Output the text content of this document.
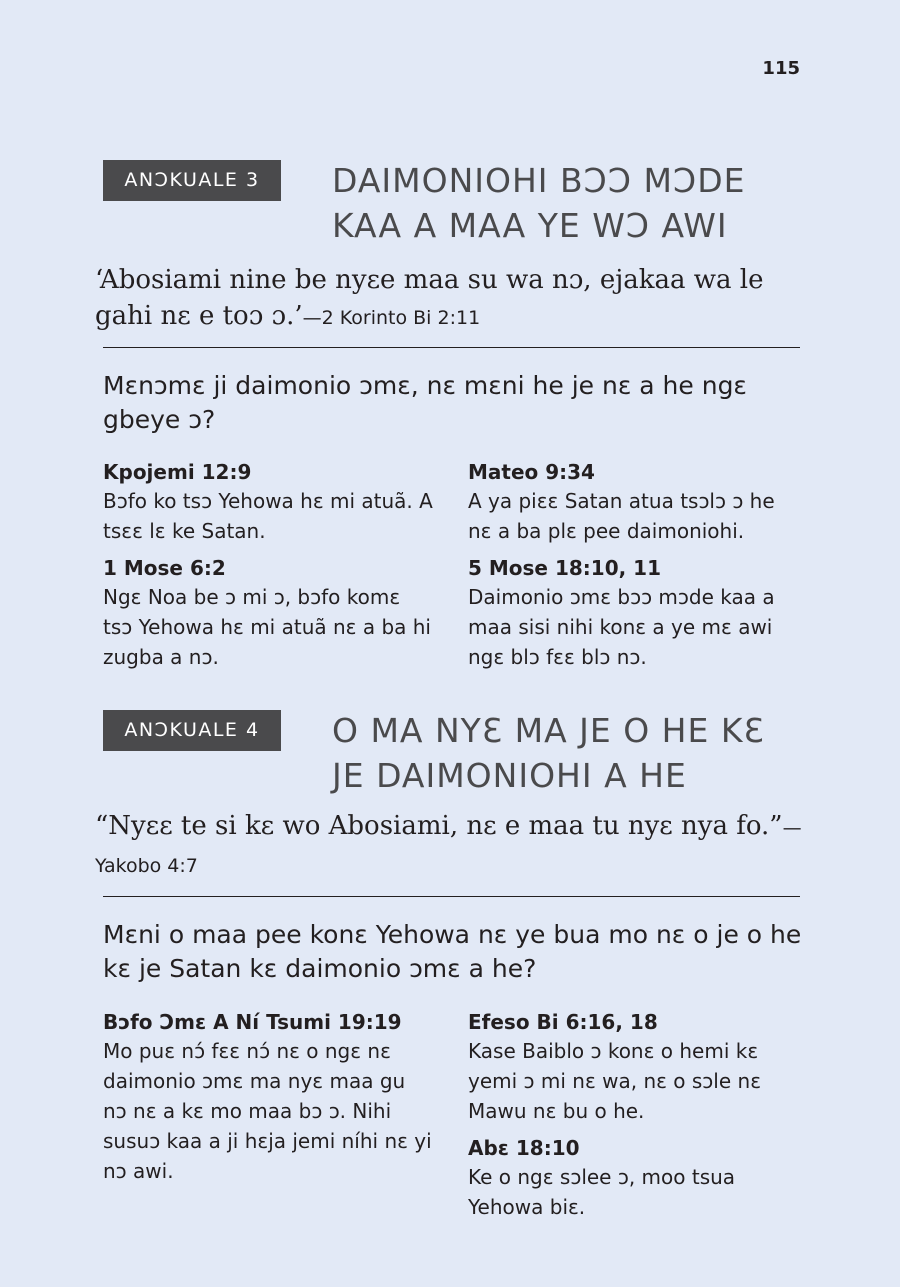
115
ANƆKUALE 3	DAIMONIOHI BƆƆ MƆDE
KAA A MAA YE WƆ AWI

‘Abosiami nine be nyɛe maa su wa nɔ, ejakaa wa le gahi nɛ e toɔ ɔ.’—2 Korinto Bi 2:11

Mɛnɔmɛ ji daimonio ɔmɛ, nɛ mɛni he je nɛ a he ngɛ gbeye ɔ?

Kpojemi 12:9
Bɔfo ko tsɔ Yehowa hɛ mi atuã. A tsɛɛ lɛ ke Satan.
1 Mose 6:2
Ngɛ Noa be ɔ mi ɔ, bɔfo komɛ tsɔ Yehowa hɛ mi atuã nɛ a ba hi zugba a nɔ.
Mateo 9:34
A ya piɛɛ Satan atua tsɔlɔ ɔ he nɛ a ba plɛ pee daimoniohi.
5 Mose 18:10, 11
Daimonio ɔmɛ bɔɔ mɔde kaa a maa sisi nihi konɛ a ye mɛ awi ngɛ blɔ fɛɛ blɔ nɔ.
ANƆKUALE 4	O MA NYƐ MA JE O HE KƐ
JE DAIMONIOHI A HE

“Nyɛɛ te si kɛ wo Abosiami, nɛ e maa tu nyɛ nya fo.”—Yakobo 4:7

Mɛni o maa pee konɛ Yehowa nɛ ye bua mo nɛ o je o he kɛ je Satan kɛ daimonio ɔmɛ a he?

Bɔfo Ɔmɛ A Ní Tsumi 19:19
Mo puɛ nɔ́ fɛɛ nɔ́ nɛ o ngɛ nɛ daimonio ɔmɛ ma nyɛ maa gu nɔ nɛ a kɛ mo maa bɔ ɔ. Nihi susuɔ kaa a ji hɛja jemi níhi nɛ yi nɔ awi.
Efeso Bi 6:16, 18
Kase Baiblo ɔ konɛ o hemi kɛ yemi ɔ mi nɛ wa, nɛ o sɔle nɛ Mawu nɛ bu o he.
Abɛ 18:10
Ke o ngɛ sɔlee ɔ, moo tsua Yehowa biɛ.
